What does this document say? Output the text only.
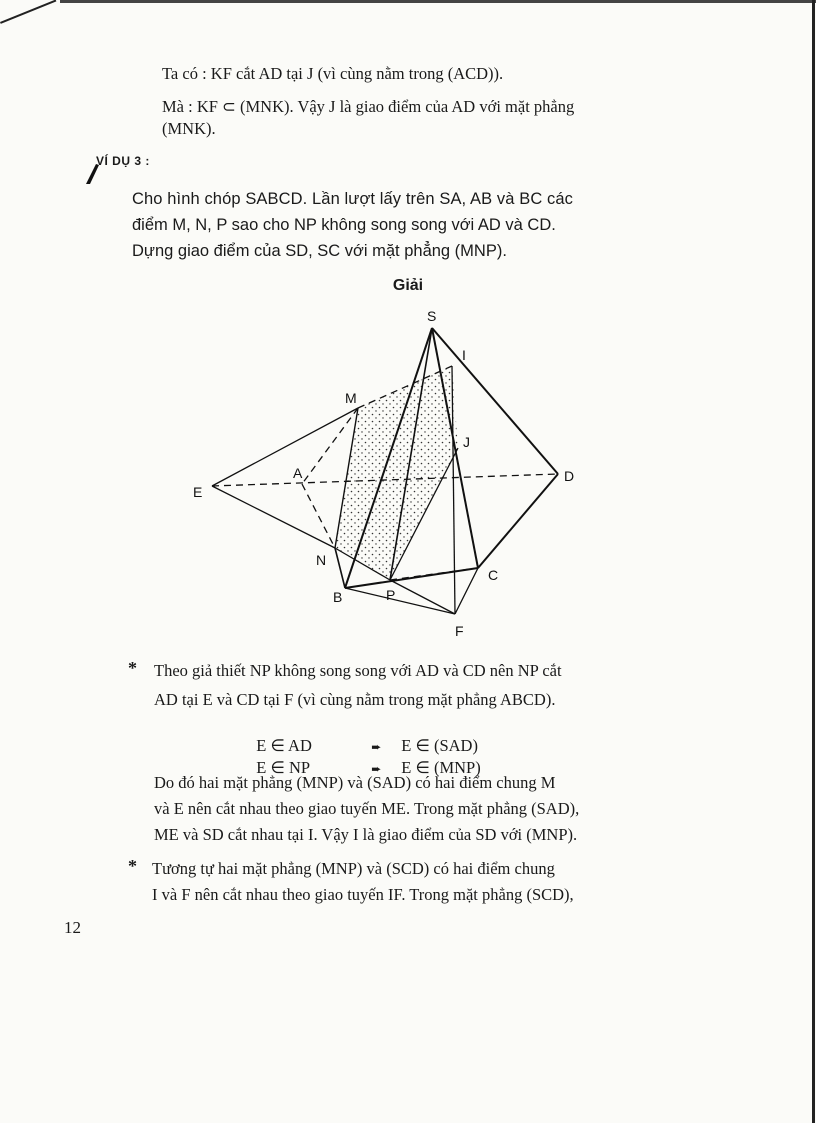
Ta có : KF cắt AD tại J (vì cùng nằm trong (ACD)).

Mà : KF ⊂ (MNK). Vậy J là giao điểm của AD với mặt phẳng

(MNK).

VÍ DỤ 3 :

Cho hình chóp SABCD. Lần lượt lấy trên SA, AB và BC các

điểm M, N, P sao cho NP không song song với AD và CD.

Dựng giao điểm của SD, SC với mặt phẳng (MNP).

Giải
S
I
M
J
A	D
E
N
C
B	P
F
* Theo giả thiết NP không song song với AD và CD nên NP cắt

AD tại E và CD tại F (vì cùng nằm trong mặt phẳng ABCD).

E ∈ AD	➨ E ∈ (SAD)

E ∈ NP	➨ E ∈ (MNP)

Do đó hai mặt phẳng (MNP) và (SAD) có hai điểm chung M

và E nên cắt nhau theo giao tuyến ME. Trong mặt phẳng (SAD),

ME và SD cắt nhau tại I. Vậy I là giao điểm của SD với (MNP).

* Tương tự hai mặt phẳng (MNP) và (SCD) có hai điểm chung

I và F nên cắt nhau theo giao tuyến IF. Trong mặt phẳng (SCD),

12
